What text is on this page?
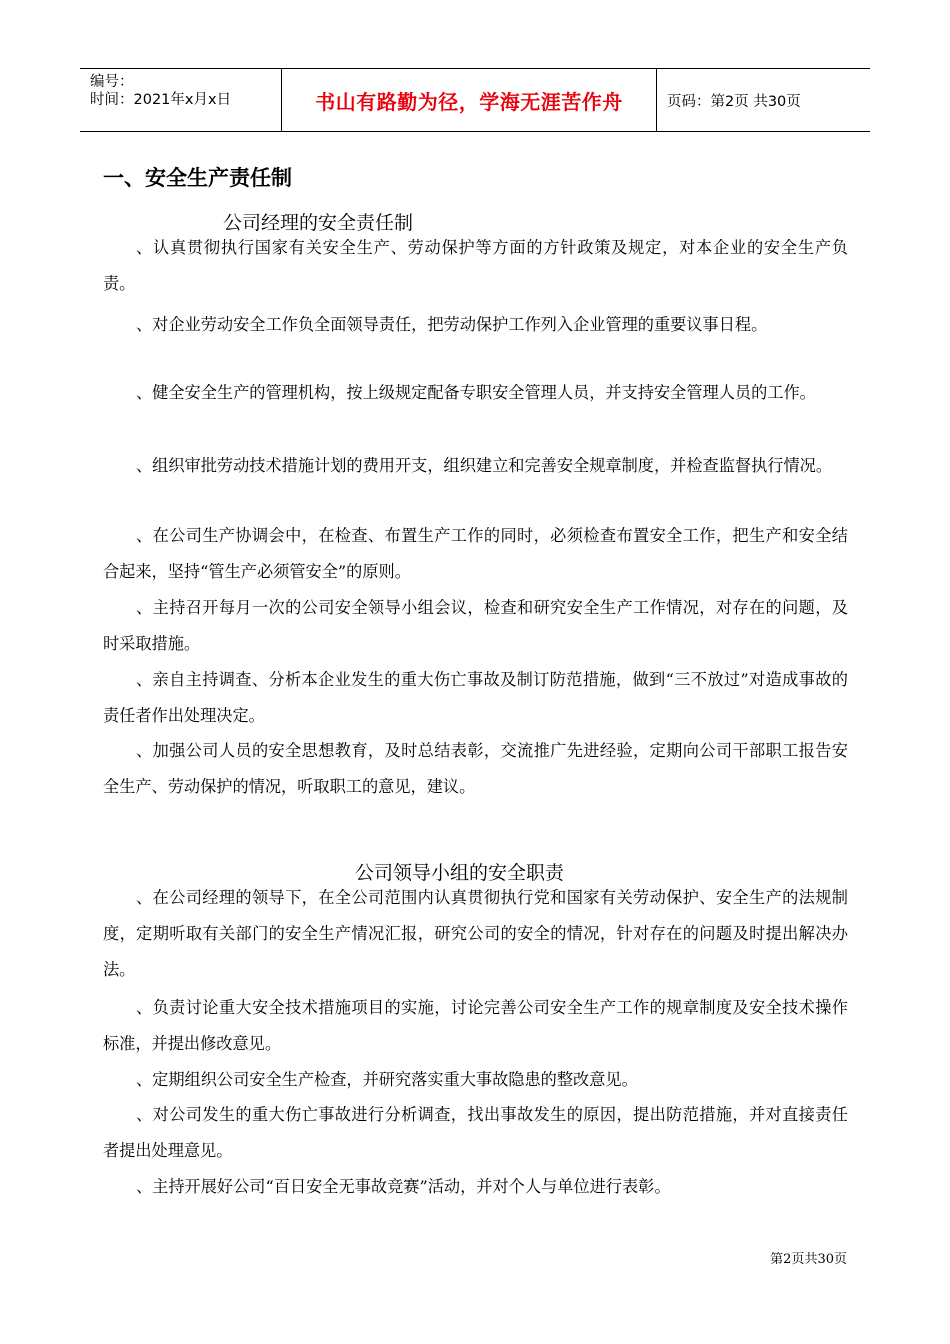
编号：
时间：2021年x月x日	书山有路勤为径，学海无涯苦作舟	页码：第2页 共30页
一、安全生产责任制
公司经理的安全责任制

、认真贯彻执行国家有关安全生产、劳动保护等方面的方针政策及规定，对本企业的安全生产负责。

、对企业劳动安全工作负全面领导责任，把劳动保护工作列入企业管理的重要议事日程。

、健全安全生产的管理机构，按上级规定配备专职安全管理人员，并支持安全管理人员的工作。

、组织审批劳动技术措施计划的费用开支，组织建立和完善安全规章制度，并检查监督执行情况。

、在公司生产协调会中，在检查、布置生产工作的同时，必须检查布置安全工作，把生产和安全结合起来，坚持“管生产必须管安全”的原则。

、主持召开每月一次的公司安全领导小组会议，检查和研究安全生产工作情况，对存在的问题，及时采取措施。

、亲自主持调查、分析本企业发生的重大伤亡事故及制订防范措施，做到“三不放过”对造成事故的责任者作出处理决定。

、加强公司人员的安全思想教育，及时总结表彰，交流推广先进经验，定期向公司干部职工报告安全生产、劳动保护的情况，听取职工的意见，建议。

公司领导小组的安全职责

、在公司经理的领导下，在全公司范围内认真贯彻执行党和国家有关劳动保护、安全生产的法规制度，定期听取有关部门的安全生产情况汇报，研究公司的安全的情况，针对存在的问题及时提出解决办法。

、负责讨论重大安全技术措施项目的实施，讨论完善公司安全生产工作的规章制度及安全技术操作标准，并提出修改意见。

、定期组织公司安全生产检查，并研究落实重大事故隐患的整改意见。

、对公司发生的重大伤亡事故进行分析调查，找出事故发生的原因，提出防范措施，并对直接责任者提出处理意见。

、主持开展好公司“百日安全无事故竞赛”活动，并对个人与单位进行表彰。

第2页共30页
